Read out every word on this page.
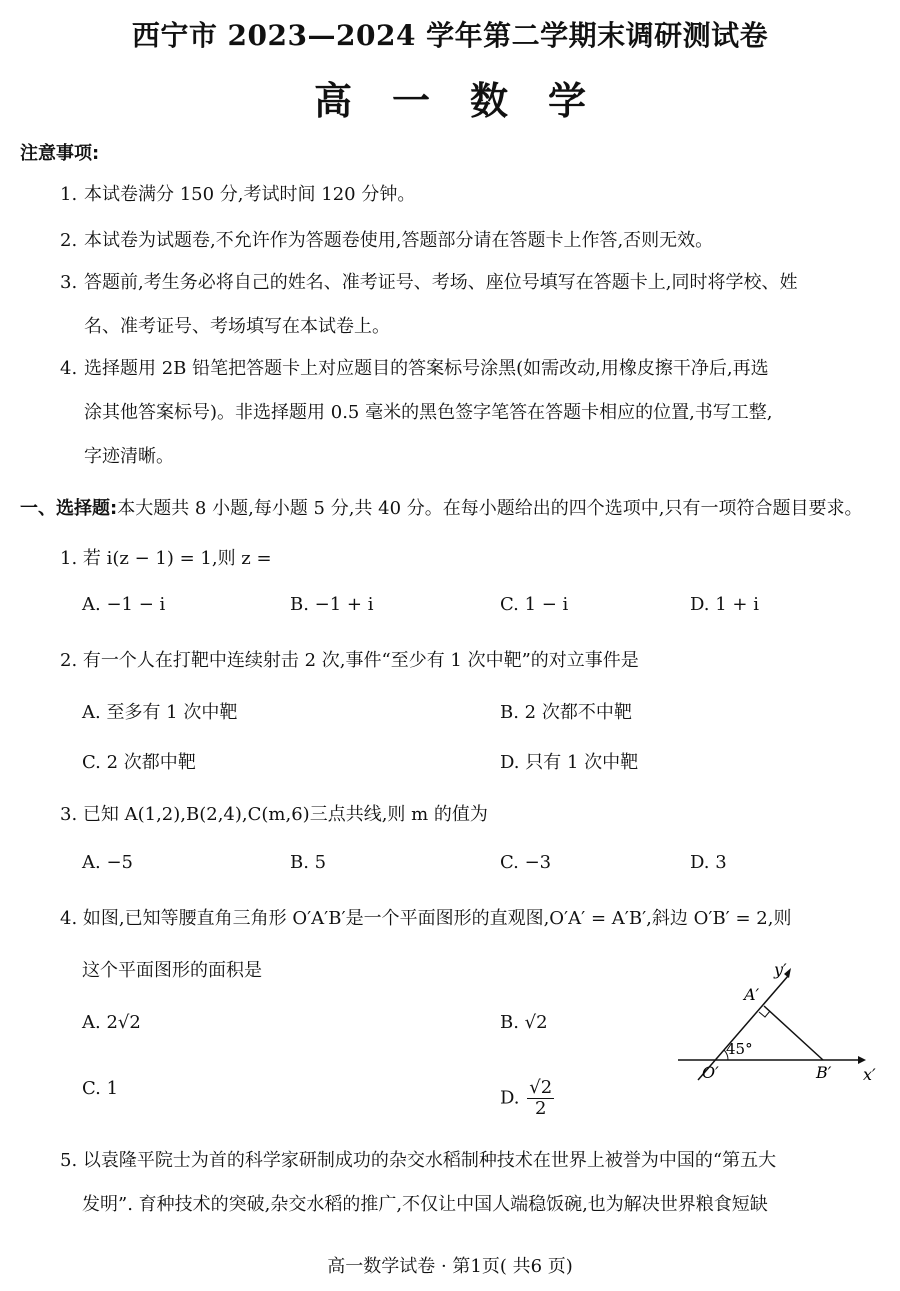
西宁市 2023—2024 学年第二学期末调研测试卷
高一数学
注意事项:
1. 本试卷满分 150 分,考试时间 120 分钟。
2. 本试卷为试题卷,不允许作为答题卷使用,答题部分请在答题卡上作答,否则无效。
3. 答题前,考生务必将自己的姓名、准考证号、考场、座位号填写在答题卡上,同时将学校、姓
名、准考证号、考场填写在本试卷上。
4. 选择题用 2B 铅笔把答题卡上对应题目的答案标号涂黑(如需改动,用橡皮擦干净后,再选
涂其他答案标号)。非选择题用 0.5 毫米的黑色签字笔答在答题卡相应的位置,书写工整,
字迹清晰。
一、选择题:本大题共 8 小题,每小题 5 分,共 40 分。在每小题给出的四个选项中,只有一项符合题目要求。
1. 若 i(z − 1) = 1,则 z =
A. −1 − i	B. −1 + i	C. 1 − i	D. 1 + i
2. 有一个人在打靶中连续射击 2 次,事件“至少有 1 次中靶”的对立事件是
A. 至多有 1 次中靶	B. 2 次都不中靶
C. 2 次都中靶	D. 只有 1 次中靶
3. 已知 A(1,2),B(2,4),C(m,6)三点共线,则 m 的值为
A. −5	B. 5	C. −3	D. 3
4. 如图,已知等腰直角三角形 O′A′B′是一个平面图形的直观图,O′A′ = A′B′,斜边 O′B′ = 2,则
这个平面图形的面积是
A. 2√2	B. √2
C. 1	D. $\frac{√2}{2}$
y′
x′
A′
O′	B′
45°
5. 以袁隆平院士为首的科学家研制成功的杂交水稻制种技术在世界上被誉为中国的“第五大
发明”. 育种技术的突破,杂交水稻的推广,不仅让中国人端稳饭碗,也为解决世界粮食短缺
高一数学试卷 · 第1页( 共6 页)
